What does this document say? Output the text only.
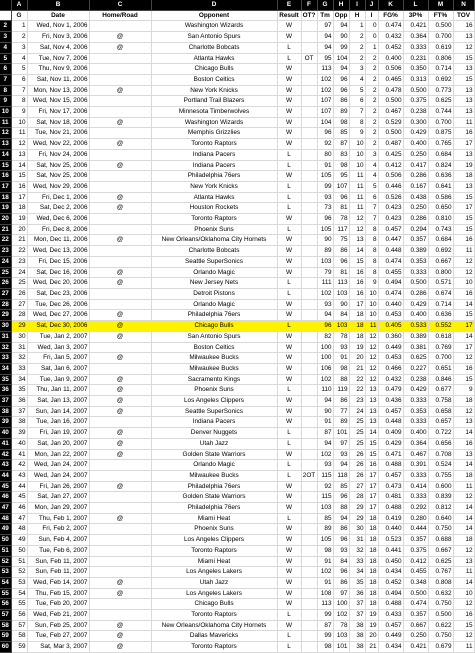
	A	B	C	D	E	F	G	H	I	J	K	L	M	N
1	G	Date	Home/Road	Opponent	Result	OT?	Tm	Opp	H	I	FG%	3P%	FT%	TOV
2	1	Wed, Nov 1, 2006		Washington Wizards	W		97	94	1	0	0.474	0.421	0.500	16
3	2	Fri, Nov 3, 2006	@	San Antonio Spurs	W		94	90	2	0	0.432	0.364	0.700	13
4	3	Sat, Nov 4, 2006	@	Charlotte Bobcats	L		94	99	2	1	0.452	0.333	0.619	12
5	4	Tue, Nov 7, 2006		Atlanta Hawks	L	OT	95	104	2	2	0.400	0.231	0.806	15
6	5	Thu, Nov 9, 2006		Chicago Bulls	W		113	94	3	2	0.506	0.350	0.714	13
7	6	Sat, Nov 11, 2006		Boston Celtics	W		102	96	4	2	0.465	0.313	0.692	15
8	7	Mon, Nov 13, 2006	@	New York Knicks	W		102	96	5	2	0.478	0.500	0.773	13
9	8	Wed, Nov 15, 2006		Portland Trail Blazers	W		107	86	6	2	0.500	0.375	0.625	13
10	9	Fri, Nov 17, 2006		Minnesota Timberwolves	W		107	89	7	2	0.467	0.238	0.744	13
11	10	Sat, Nov 18, 2006	@	Washington Wizards	W		104	98	8	2	0.529	0.300	0.700	11
12	11	Tue, Nov 21, 2006		Memphis Grizzlies	W		96	85	9	2	0.500	0.429	0.875	16
13	12	Wed, Nov 22, 2006	@	Toronto Raptors	W		92	87	10	2	0.487	0.400	0.765	17
14	13	Fri, Nov 24, 2006		Indiana Pacers	L		80	83	10	3	0.425	0.250	0.684	13
15	14	Sat, Nov 25, 2006	@	Indiana Pacers	L		91	98	10	4	0.412	0.417	0.824	19
16	15	Sat, Nov 25, 2006		Philadelphia 76ers	W		105	95	11	4	0.506	0.286	0.636	18
17	16	Wed, Nov 29, 2006		New York Knicks	L		99	107	11	5	0.446	0.167	0.641	13
18	17	Fri, Dec 1, 2006	@	Atlanta Hawks	L		93	96	11	6	0.526	0.438	0.586	15
19	18	Sat, Dec 2, 2006	@	Houston Rockets	L		73	81	11	7	0.423	0.250	0.650	17
20	19	Wed, Dec 6, 2006		Toronto Raptors	W		96	78	12	7	0.423	0.286	0.810	15
21	20	Fri, Dec 8, 2006		Phoenix Suns	L		105	117	12	8	0.457	0.294	0.743	15
22	21	Mon, Dec 11, 2006	@	New Orleans/Oklahoma City Hornets	W		90	75	13	8	0.447	0.357	0.684	16
23	22	Wed, Dec 13, 2006		Charlotte Bobcats	W		89	86	14	8	0.448	0.389	0.692	11
24	23	Fri, Dec 15, 2006		Seattle SuperSonics	W		103	96	15	8	0.474	0.353	0.667	12
25	24	Sat, Dec 16, 2006	@	Orlando Magic	W		79	81	16	8	0.455	0.333	0.800	12
26	25	Wed, Dec 20, 2006	@	New Jersey Nets	L		111	113	16	9	0.494	0.500	0.571	10
27	26	Sat, Dec 23, 2006		Detroit Pistons	L		102	103	16	10	0.474	0.286	0.674	16
28	27	Tue, Dec 26, 2006		Orlando Magic	W		93	90	17	10	0.440	0.429	0.714	14
29	28	Wed, Dec 27, 2006	@	Philadelphia 76ers	W		94	84	18	10	0.453	0.400	0.636	15
30	29	Sat, Dec 30, 2006	@	Chicago Bulls	L		96	103	18	11	0.405	0.533	0.552	17
31	30	Tue, Jan 2, 2007	@	San Antonio Spurs	W		82	78	18	12	0.360	0.389	0.618	14
32	31	Wed, Jan 3, 2007		Boston Celtics	W		100	93	19	12	0.449	0.381	0.769	17
33	32	Fri, Jan 5, 2007	@	Milwaukee Bucks	W		100	91	20	12	0.453	0.625	0.700	12
34	33	Sat, Jan 6, 2007		Milwaukee Bucks	W		106	98	21	12	0.466	0.227	0.651	16
35	34	Tue, Jan 9, 2007	@	Sacramento Kings	W		102	88	22	12	0.432	0.238	0.846	15
36	35	Thu, Jan 11, 2007	@	Phoenix Suns	L		110	119	22	13	0.479	0.429	0.677	9
37	36	Sat, Jan 13, 2007	@	Los Angeles Clippers	W		94	86	23	13	0.436	0.333	0.758	18
38	37	Sun, Jan 14, 2007	@	Seattle SuperSonics	W		90	77	24	13	0.457	0.353	0.658	12
39	38	Tue, Jan 16, 2007		Indiana Pacers	W		91	89	25	13	0.448	0.333	0.657	13
40	39	Fri, Jan 19, 2007	@	Denver Nuggets	L		87	101	25	14	0.409	0.400	0.722	14
41	40	Sat, Jan 20, 2007	@	Utah Jazz	L		94	97	25	15	0.429	0.364	0.656	16
42	41	Mon, Jan 22, 2007	@	Golden State Warriors	W		102	93	26	15	0.471	0.467	0.708	13
43	42	Wed, Jan 24, 2007		Orlando Magic	L		93	94	26	16	0.488	0.391	0.524	14
44	43	Wed, Jan 24, 2007		Milwaukee Bucks	L	2OT	115	118	26	17	0.457	0.333	0.755	18
45	44	Fri, Jan 26, 2007	@	Philadelphia 76ers	W		92	85	27	17	0.473	0.414	0.600	11
46	45	Sat, Jan 27, 2007		Golden State Warriors	W		115	96	28	17	0.481	0.333	0.839	12
47	46	Mon, Jan 29, 2007		Philadelphia 76ers	W		103	88	29	17	0.488	0.292	0.812	14
48	47	Thu, Feb 1, 2007	@	Miami Heat	L		85	94	29	18	0.419	0.280	0.640	14
49	48	Fri, Feb 2, 2007		Phoenix Suns	W		89	86	30	18	0.440	0.444	0.750	14
50	49	Sun, Feb 4, 2007		Los Angeles Clippers	W		105	96	31	18	0.523	0.357	0.688	18
51	50	Tue, Feb 6, 2007		Toronto Raptors	W		98	93	32	18	0.441	0.375	0.667	12
52	51	Sun, Feb 11, 2007		Miami Heat	W		91	84	33	18	0.450	0.412	0.625	13
53	52	Sun, Feb 11, 2007		Los Angeles Lakers	W		102	96	34	18	0.434	0.455	0.767	11
54	53	Wed, Feb 14, 2007	@	Utah Jazz	W		91	86	35	18	0.452	0.348	0.808	14
55	54	Thu, Feb 15, 2007	@	Los Angeles Lakers	W		108	97	36	18	0.494	0.500	0.632	10
56	55	Tue, Feb 20, 2007		Chicago Bulls	W		113	100	37	18	0.488	0.474	0.750	12
57	56	Wed, Feb 21, 2007		Toronto Raptors	L		99	102	37	19	0.433	0.357	0.500	16
58	57	Sun, Feb 25, 2007	@	New Orleans/Oklahoma City Hornets	W		87	78	38	19	0.457	0.667	0.622	15
59	58	Tue, Feb 27, 2007	@	Dallas Mavericks	L		99	103	38	20	0.449	0.250	0.750	12
60	59	Sat, Mar 3, 2007	@	Toronto Raptors	L		98	101	38	21	0.434	0.421	0.679	11
